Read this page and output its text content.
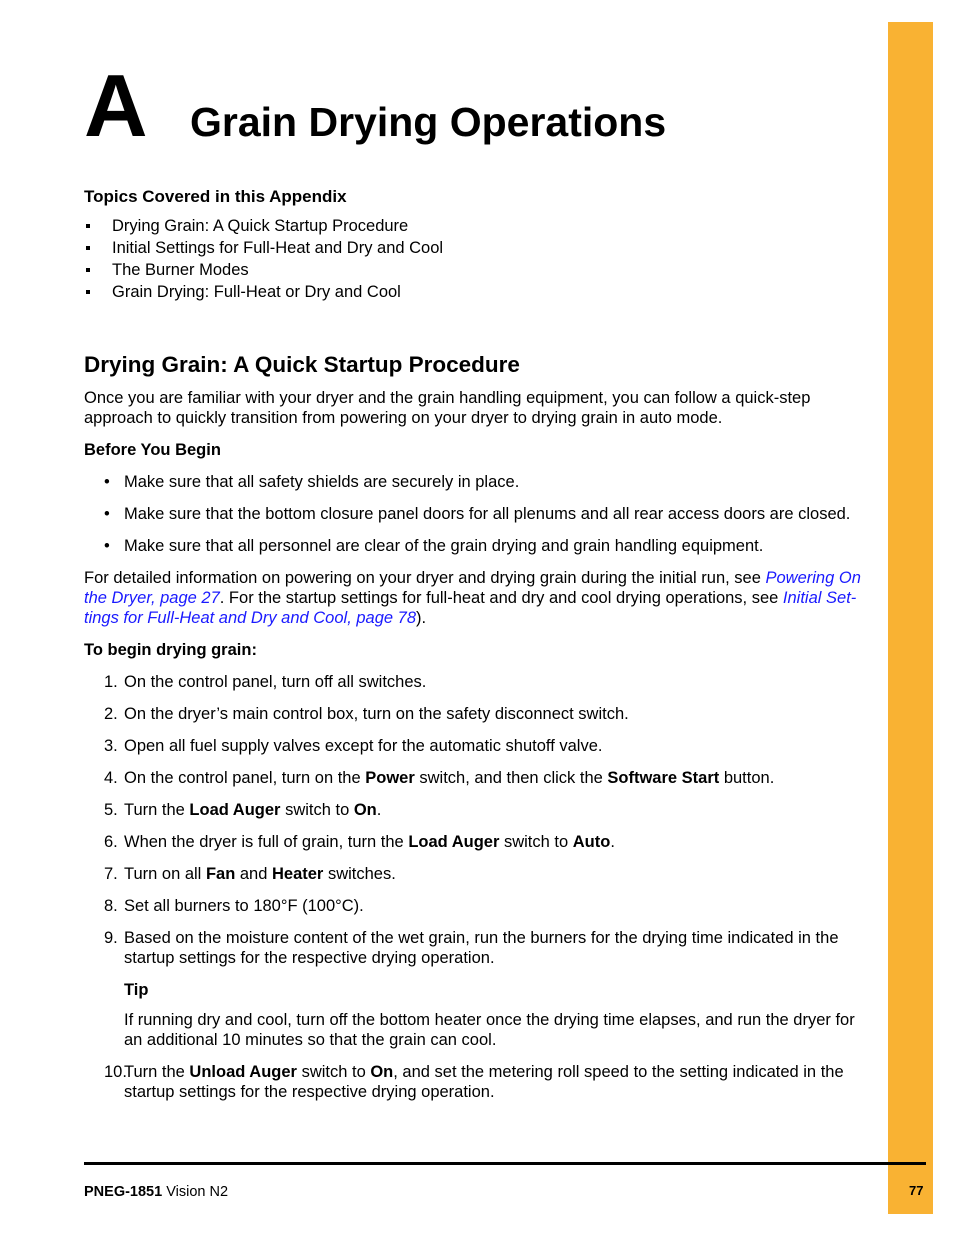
A Grain Drying Operations
Topics Covered in this Appendix
Drying Grain: A Quick Startup Procedure
Initial Settings for Full-Heat and Dry and Cool
The Burner Modes
Grain Drying: Full-Heat or Dry and Cool
Drying Grain: A Quick Startup Procedure

Once you are familiar with your dryer and the grain handling equipment, you can follow a quick-step approach to quickly transition from powering on your dryer to drying grain in auto mode.

Before You Begin
• Make sure that all safety shields are securely in place.
• Make sure that the bottom closure panel doors for all plenums and all rear access doors are closed.
• Make sure that all personnel are clear of the grain drying and grain handling equipment.

For detailed information on powering on your dryer and drying grain during the initial run, see Powering On the Dryer, page 27. For the startup settings for full-heat and dry and cool drying operations, see Initial Set-tings for Full-Heat and Dry and Cool, page 78).

To begin drying grain:
1. On the control panel, turn off all switches.
2. On the dryer’s main control box, turn on the safety disconnect switch.
3. Open all fuel supply valves except for the automatic shutoff valve.
4. On the control panel, turn on the Power switch, and then click the Software Start button.
5. Turn the Load Auger switch to On.
6. When the dryer is full of grain, turn the Load Auger switch to Auto.
7. Turn on all Fan and Heater switches.
8. Set all burners to 180°F (100°C).
9. Based on the moisture content of the wet grain, run the burners for the drying time indicated in the startup settings for the respective drying operation.
Tip
If running dry and cool, turn off the bottom heater once the drying time elapses, and run the dryer for an additional 10 minutes so that the grain can cool.
10.
Turn the Unload Auger switch to On, and set the metering roll speed to the setting indicated in the startup settings for the respective drying operation.
PNEG-1851 Vision N2	77
